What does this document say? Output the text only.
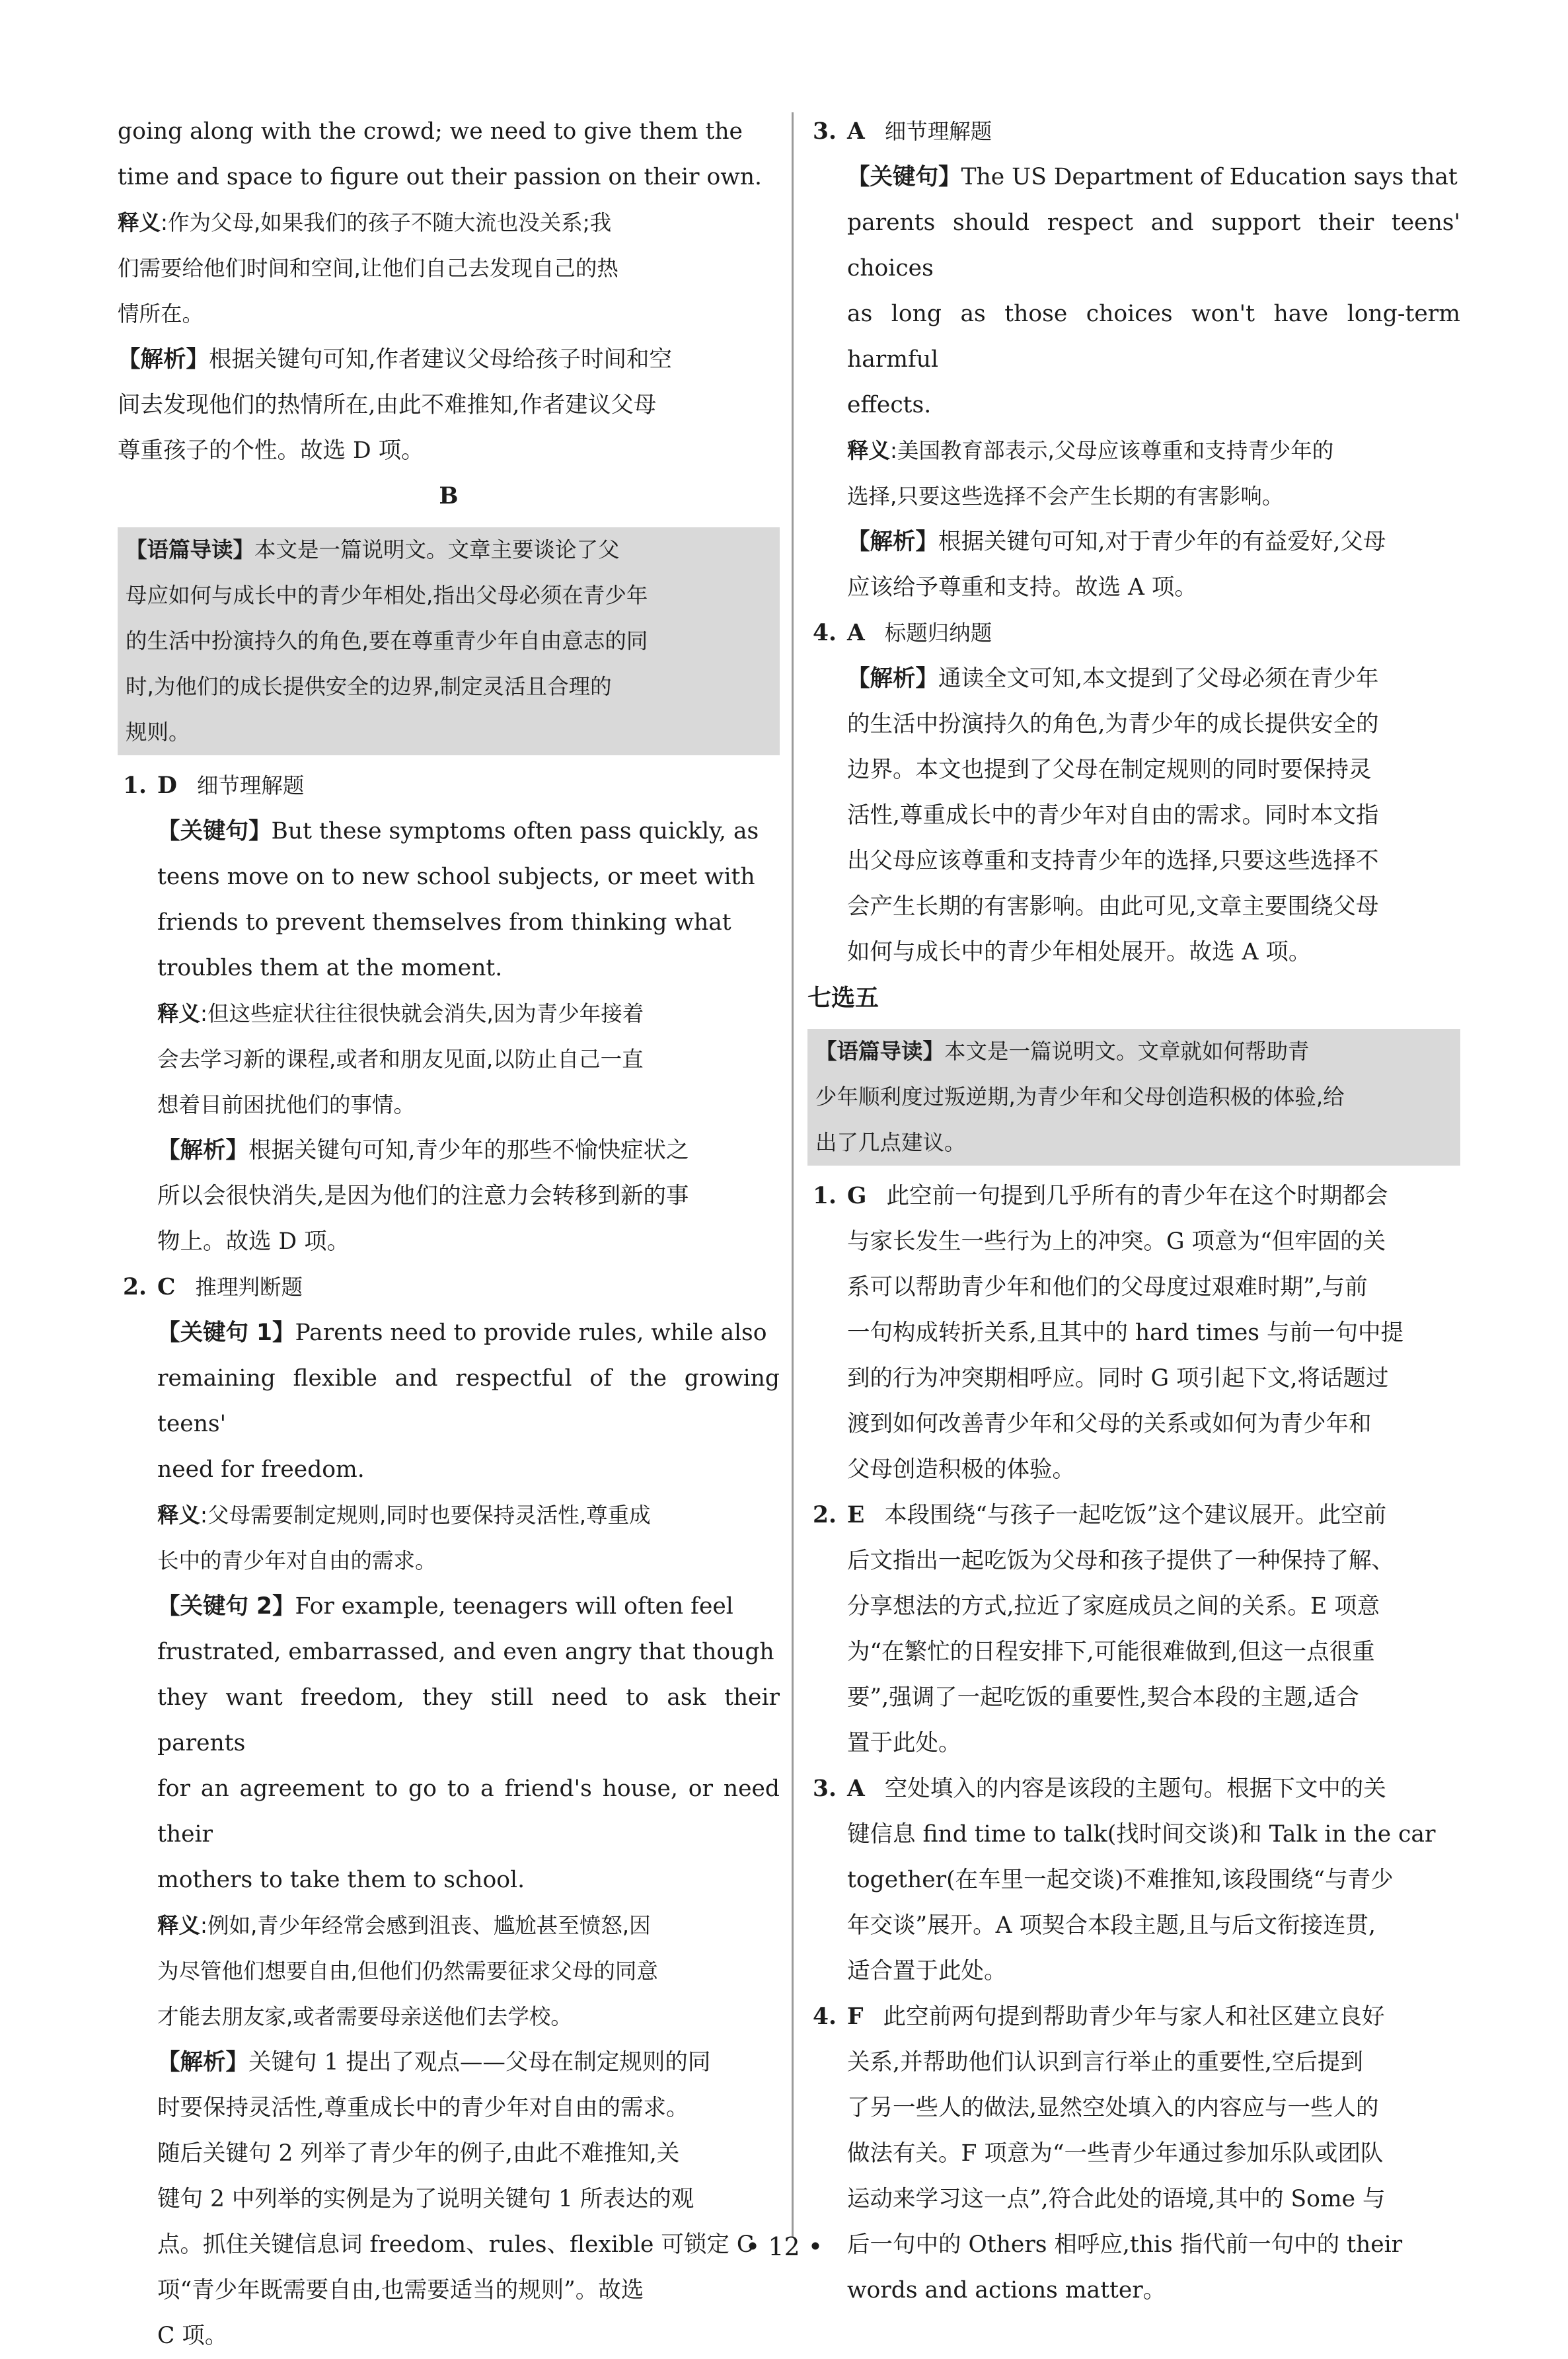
going along with the crowd; we need to give them the

time and space to figure out their passion on their own.

释义:作为父母,如果我们的孩子不随大流也没关系;我

们需要给他们时间和空间,让他们自己去发现自己的热

情所在。

【解析】根据关键句可知,作者建议父母给孩子时间和空

间去发现他们的热情所在,由此不难推知,作者建议父母

尊重孩子的个性。故选 D 项。

B

【语篇导读】本文是一篇说明文。文章主要谈论了父

母应如何与成长中的青少年相处,指出父母必须在青少年

的生活中扮演持久的角色,要在尊重青少年自由意志的同

时,为他们的成长提供安全的边界,制定灵活且合理的

规则。

1. D 细节理解题

【关键句】But these symptoms often pass quickly, as

teens move on to new school subjects, or meet with

friends to prevent themselves from thinking what

troubles them at the moment.

释义:但这些症状往往很快就会消失,因为青少年接着

会去学习新的课程,或者和朋友见面,以防止自己一直

想着目前困扰他们的事情。

【解析】根据关键句可知,青少年的那些不愉快症状之

所以会很快消失,是因为他们的注意力会转移到新的事

物上。故选 D 项。

2. C 推理判断题

【关键句 1】Parents need to provide rules, while also

remaining flexible and respectful of the growing teens'

need for freedom.

释义:父母需要制定规则,同时也要保持灵活性,尊重成

长中的青少年对自由的需求。

【关键句 2】For example, teenagers will often feel

frustrated, embarrassed, and even angry that though

they want freedom, they still need to ask their parents

for an agreement to go to a friend's house, or need their

mothers to take them to school.

释义:例如,青少年经常会感到沮丧、尴尬甚至愤怒,因

为尽管他们想要自由,但他们仍然需要征求父母的同意

才能去朋友家,或者需要母亲送他们去学校。

【解析】关键句 1 提出了观点——父母在制定规则的同

时要保持灵活性,尊重成长中的青少年对自由的需求。

随后关键句 2 列举了青少年的例子,由此不难推知,关

键句 2 中列举的实例是为了说明关键句 1 所表达的观

点。抓住关键信息词 freedom、rules、flexible 可锁定 C

项“青少年既需要自由,也需要适当的规则”。故选

C 项。

3. A 细节理解题

【关键句】The US Department of Education says that

parents should respect and support their teens' choices

as long as those choices won't have long-term harmful

effects.

释义:美国教育部表示,父母应该尊重和支持青少年的

选择,只要这些选择不会产生长期的有害影响。

【解析】根据关键句可知,对于青少年的有益爱好,父母

应该给予尊重和支持。故选 A 项。

4. A 标题归纳题

【解析】通读全文可知,本文提到了父母必须在青少年

的生活中扮演持久的角色,为青少年的成长提供安全的

边界。本文也提到了父母在制定规则的同时要保持灵

活性,尊重成长中的青少年对自由的需求。同时本文指

出父母应该尊重和支持青少年的选择,只要这些选择不

会产生长期的有害影响。由此可见,文章主要围绕父母

如何与成长中的青少年相处展开。故选 A 项。

七选五

【语篇导读】本文是一篇说明文。文章就如何帮助青

少年顺利度过叛逆期,为青少年和父母创造积极的体验,给

出了几点建议。

1. G 此空前一句提到几乎所有的青少年在这个时期都会

与家长发生一些行为上的冲突。G 项意为“但牢固的关

系可以帮助青少年和他们的父母度过艰难时期”,与前

一句构成转折关系,且其中的 hard times 与前一句中提

到的行为冲突期相呼应。同时 G 项引起下文,将话题过

渡到如何改善青少年和父母的关系或如何为青少年和

父母创造积极的体验。

2. E 本段围绕“与孩子一起吃饭”这个建议展开。此空前

后文指出一起吃饭为父母和孩子提供了一种保持了解、

分享想法的方式,拉近了家庭成员之间的关系。E 项意

为“在繁忙的日程安排下,可能很难做到,但这一点很重

要”,强调了一起吃饭的重要性,契合本段的主题,适合

置于此处。

3. A 空处填入的内容是该段的主题句。根据下文中的关

键信息 find time to talk(找时间交谈)和 Talk in the car

together(在车里一起交谈)不难推知,该段围绕“与青少

年交谈”展开。A 项契合本段主题,且与后文衔接连贯,

适合置于此处。

4. F 此空前两句提到帮助青少年与家人和社区建立良好

关系,并帮助他们认识到言行举止的重要性,空后提到

了另一些人的做法,显然空处填入的内容应与一些人的

做法有关。F 项意为“一些青少年通过参加乐队或团队

运动来学习这一点”,符合此处的语境,其中的 Some 与

后一句中的 Others 相呼应,this 指代前一句中的 their

words and actions matter。

• 12 •
